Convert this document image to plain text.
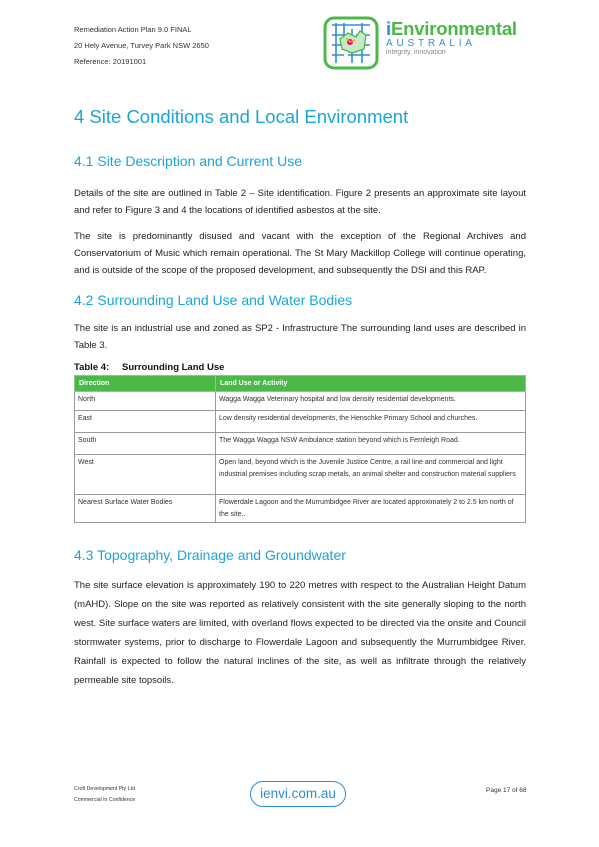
Remediation Action Plan 9.0 FINAL
20 Hely Avenue, Turvey Park NSW 2650
Reference: 20191001
iEnvironmental
AUSTRALIA
integrity, innovation
4 Site Conditions and Local Environment
4.1 Site Description and Current Use

Details of the site are outlined in Table 2 – Site identification. Figure 2 presents an approximate site layout and refer to Figure 3 and 4 the locations of identified asbestos at the site.

The site is predominantly disused and vacant with the exception of the Regional Archives and Conservatorium of Music which remain operational. The St Mary Mackillop College will continue operating, and is outside of the scope of the proposed development, and subsequently the DSI and this RAP.

4.2 Surrounding Land Use and Water Bodies

The site is an industrial use and zoned as SP2 - Infrastructure The surrounding land uses are described in Table 3.

Table 4: Surrounding Land Use
Direction	Land Use or Activity
North	Wagga Wagga Veterinary hospital and low density residential developments.
East	Low density residential developments, the Henschke Primary School and churches.
South	The Wagga Wagga NSW Ambulance station beyond which is Fernleigh Road.
West	Open land, beyond which is the Juvenile Justice Centre, a rail line and commercial and light industrial premises including scrap metals, an animal shelter and construction material suppliers
Nearest Surface Water Bodies	Flowerdale Lagoon and the Murrumbidgee River are located approximately 2 to 2.5 km north of the site..
4.3 Topography, Drainage and Groundwater

The site surface elevation is approximately 190 to 220 metres with respect to the Australian Height Datum (mAHD). Slope on the site was reported as relatively consistent with the site generally sloping to the north west. Site surface waters are limited, with overland flows expected to be directed via the onsite and Council stormwater systems, prior to discharge to Flowerdale Lagoon and subsequently the Murrumbidgee River. Rainfall is expected to follow the natural inclines of the site, as well as infiltrate through the relatively permeable site topsoils.

Croft Development Pty Ltd
Commercial In Confidence	ienvi.com.au	Page 17 of 68
